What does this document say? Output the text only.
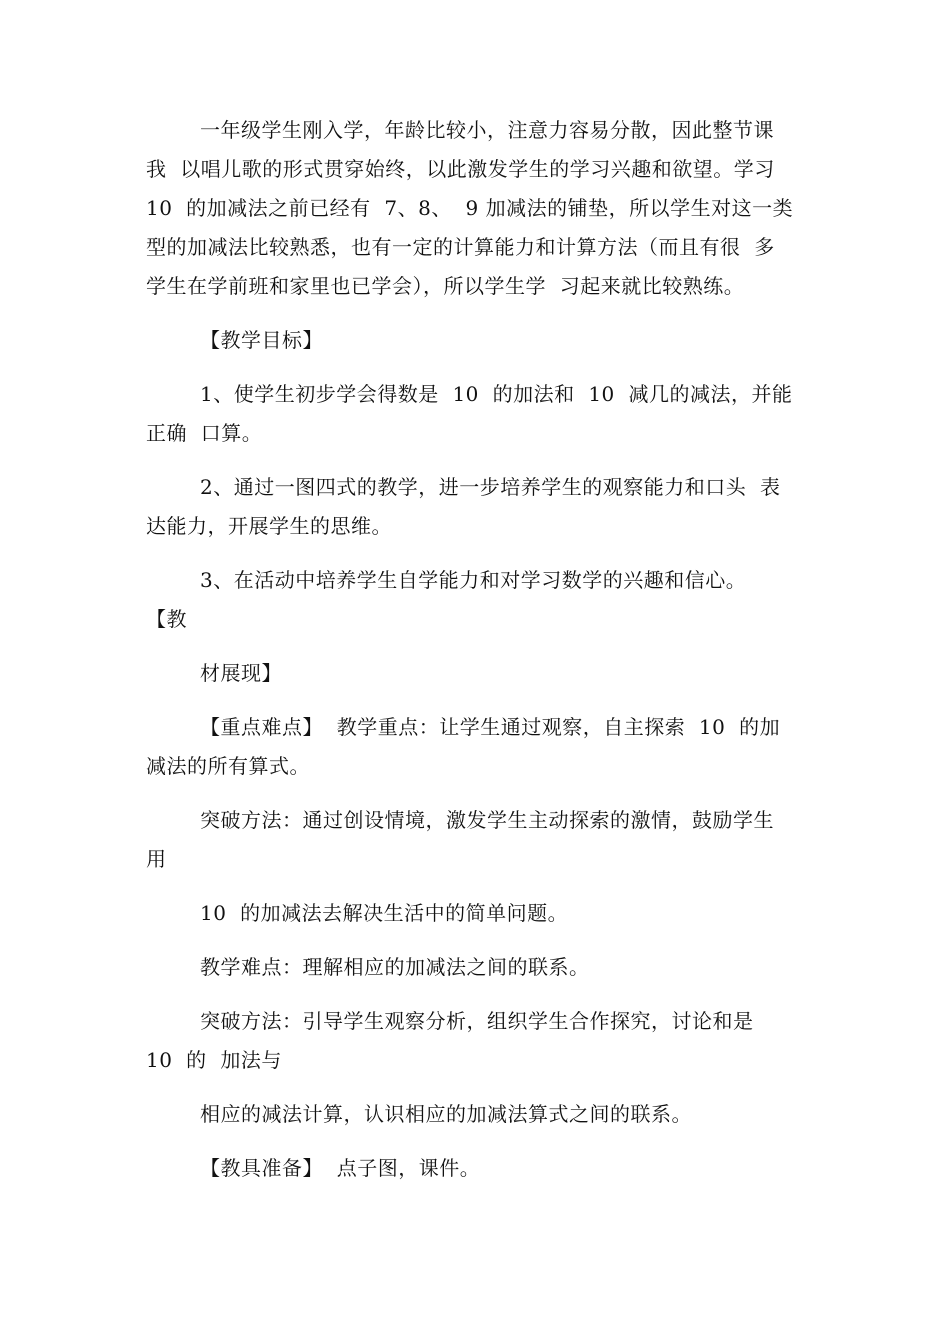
一年级学生刚入学，年龄比较小，注意力容易分散，因此整节课
我  以唱儿歌的形式贯穿始终，以此激发学生的学习兴趣和欲望。学习
10  的加减法之前已经有  7、8、  9 加减法的铺垫，所以学生对这一类
型的加减法比较熟悉，也有一定的计算能力和计算方法（而且有很  多
学生在学前班和家里也已学会），所以学生学  习起来就比较熟练。
【教学目标】
1、使学生初步学会得数是  10  的加法和  10  减几的减法，并能
正确  口算。
2、通过一图四式的教学，进一步培养学生的观察能力和口头  表
达能力，开展学生的思维。
3、在活动中培养学生自学能力和对学习数学的兴趣和信心。
【教
材展现】
【重点难点】  教学重点：让学生通过观察，自主探索  10  的加
减法的所有算式。
突破方法：通过创设情境，激发学生主动探索的激情，鼓励学生
用
10  的加减法去解决生活中的简单问题。
教学难点：理解相应的加减法之间的联系。
突破方法：引导学生观察分析，组织学生合作探究，讨论和是
10  的  加法与
相应的减法计算，认识相应的加减法算式之间的联系。
【教具准备】  点子图，课件。
